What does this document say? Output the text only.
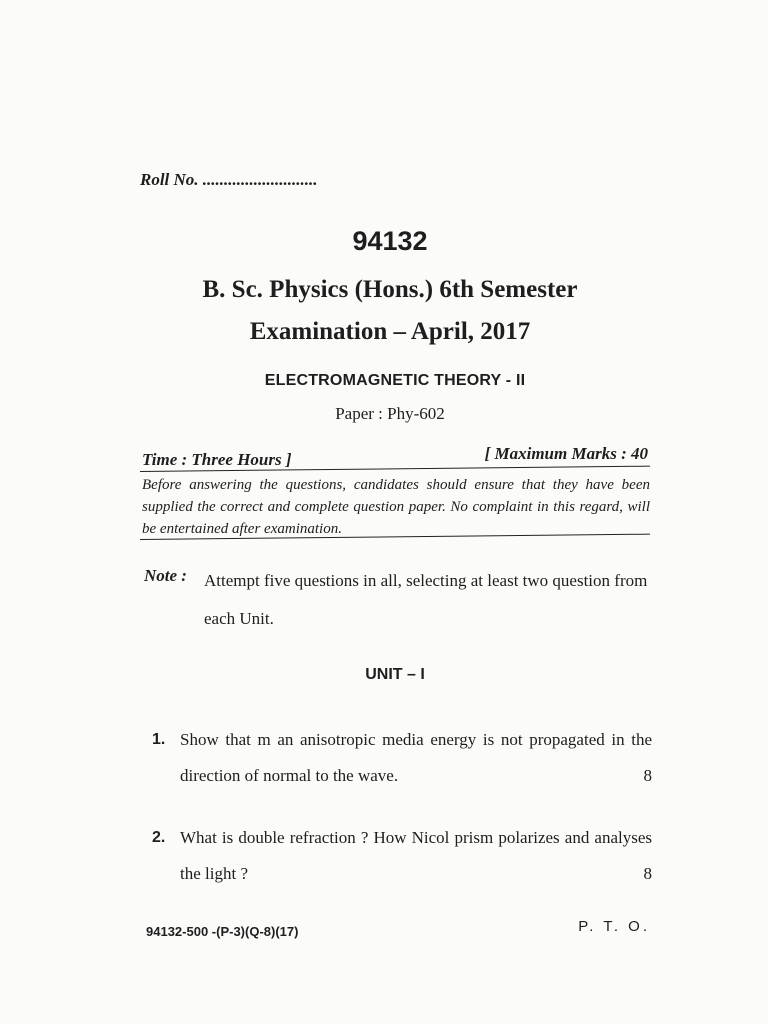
Roll No. ...........................
94132
B. Sc. Physics (Hons.) 6th Semester
Examination – April, 2017
ELECTROMAGNETIC THEORY - II
Paper : Phy-602
Time : Three Hours ]	[ Maximum Marks : 40
Before answering the questions, candidates should ensure that they have been supplied the correct and complete question paper. No complaint in this regard, will be entertained after examination.
Note : Attempt five questions in all, selecting at least two question from each Unit.
UNIT – I
1. Show that m an anisotropic media energy is not propagated in the direction of normal to the wave.	8
2. What is double refraction ? How Nicol prism polarizes and analyses the light ?	8
94132-500 -(P-3)(Q-8)(17)	P. T. O.
